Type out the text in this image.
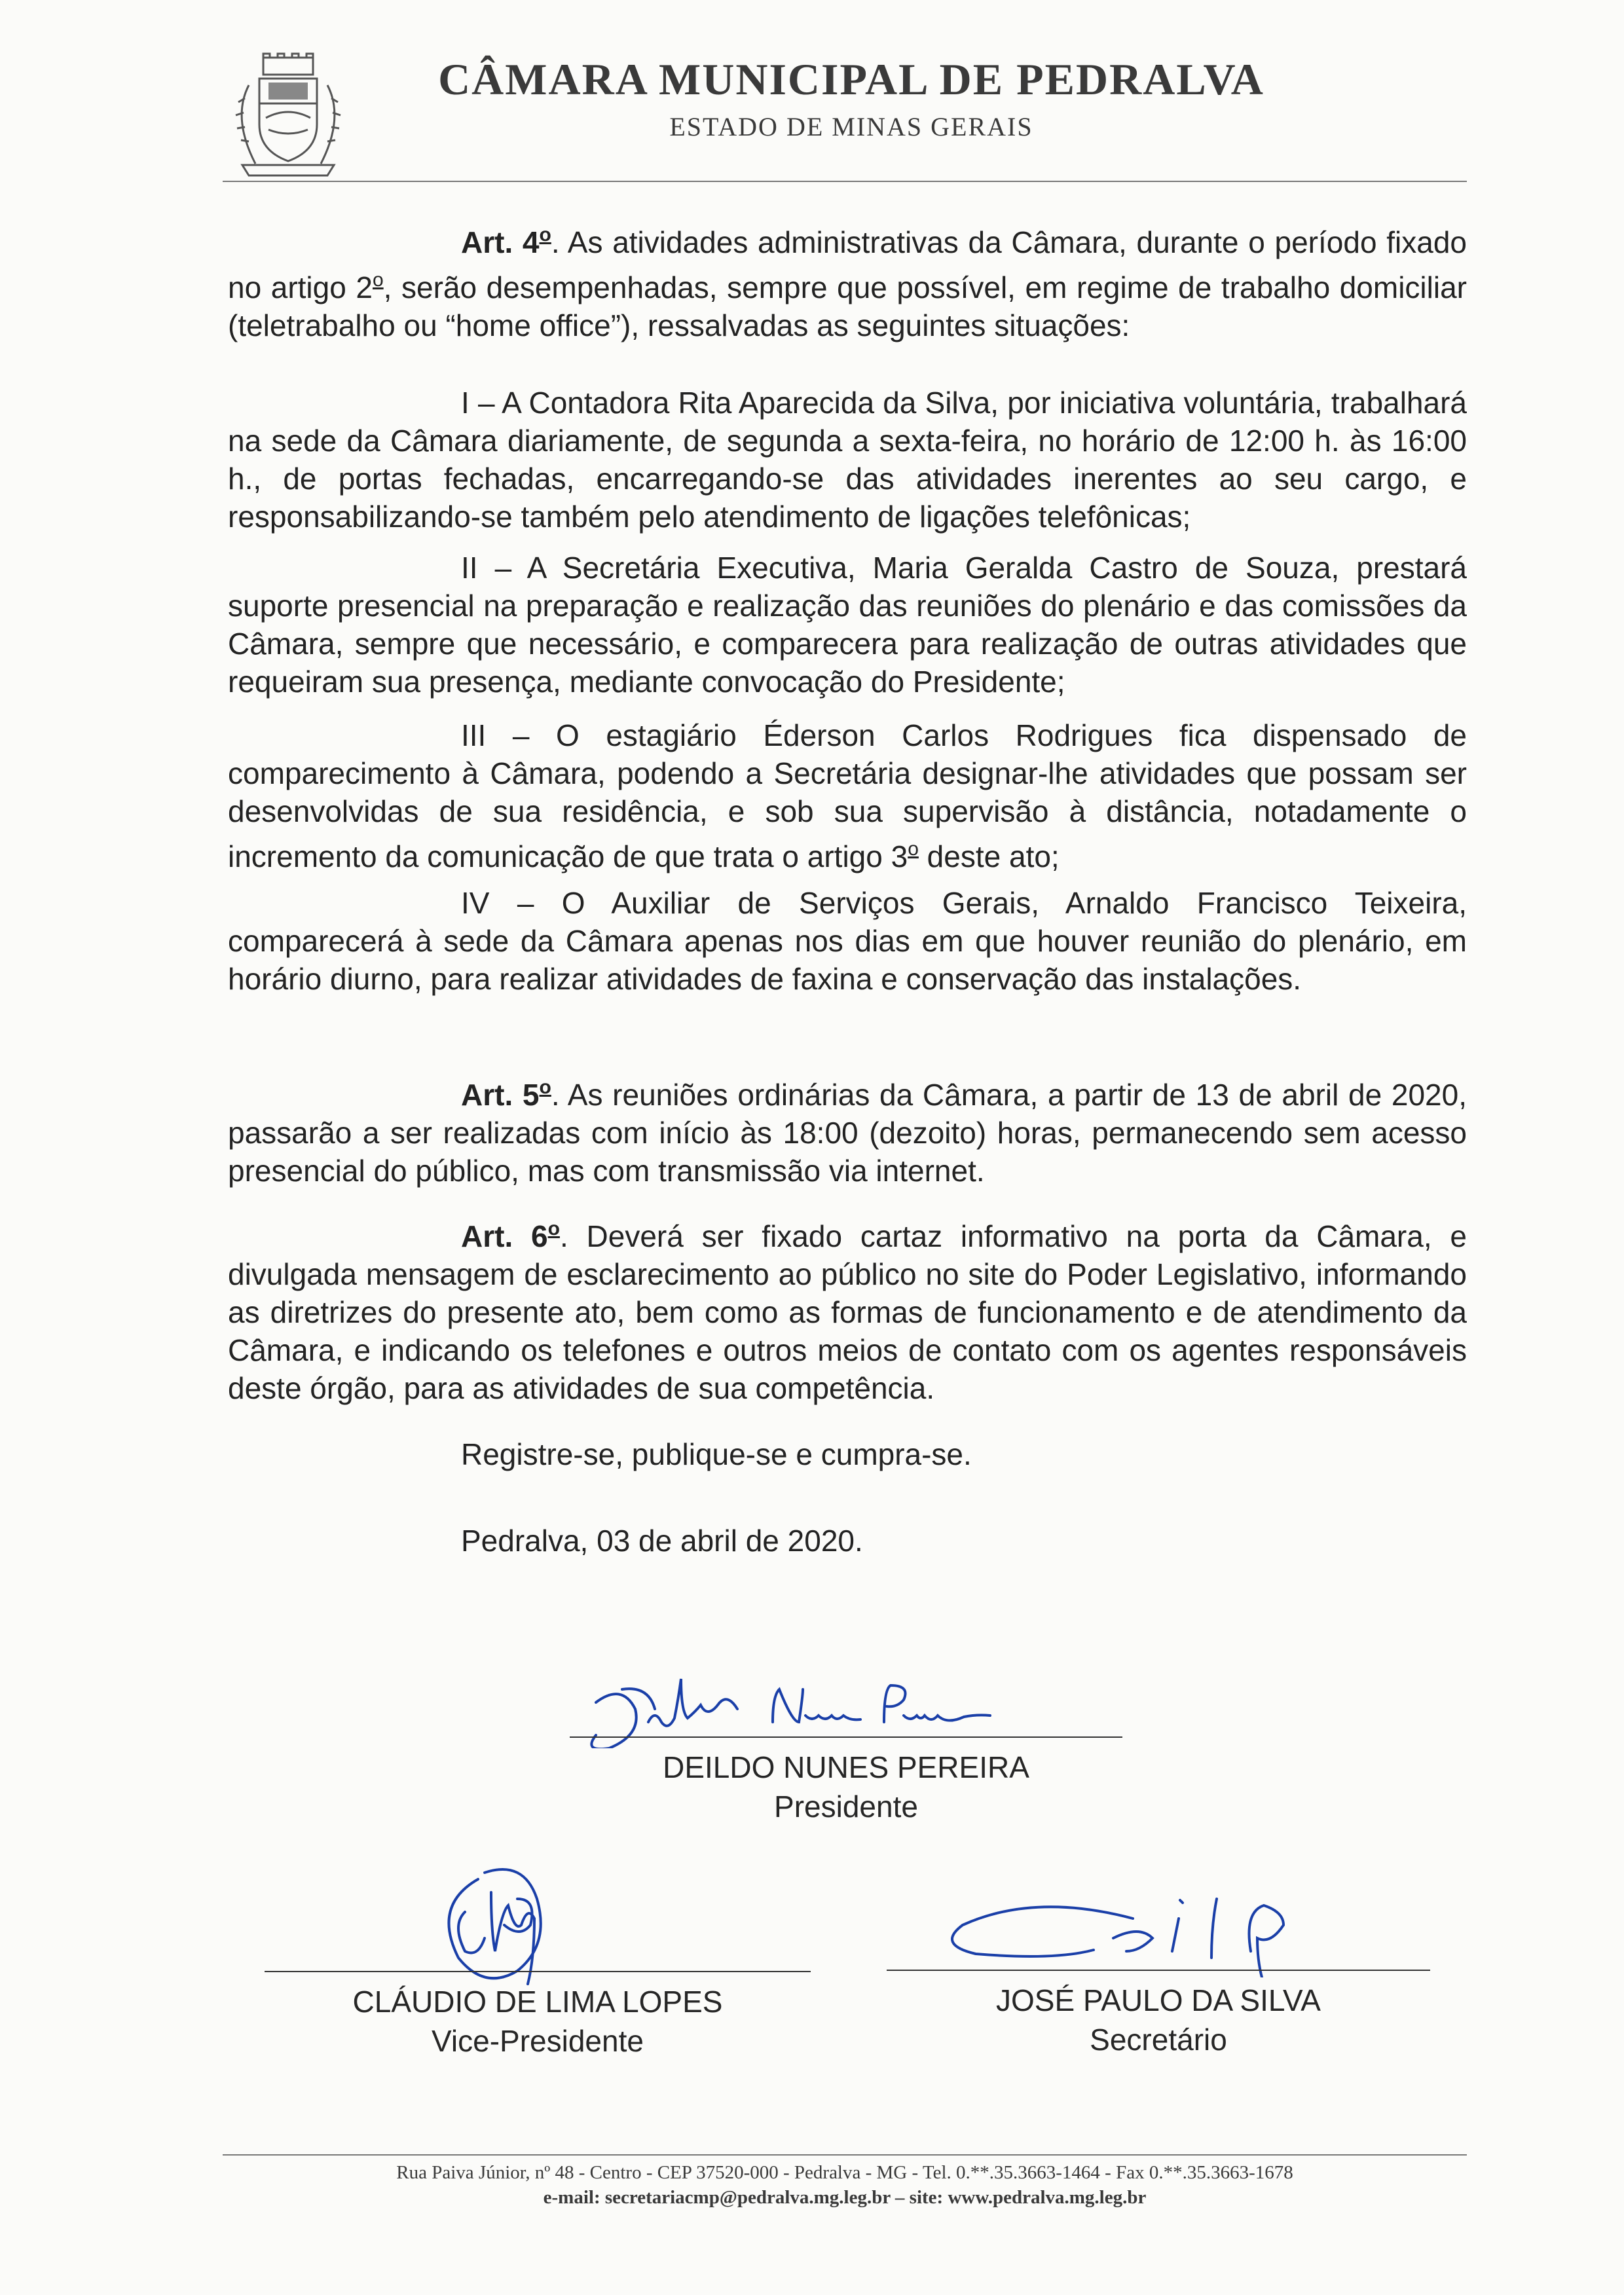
CÂMARA MUNICIPAL DE PEDRALVA
ESTADO DE MINAS GERAIS
Art. 4$^o$. As atividades administrativas da Câmara, durante o período fixado no artigo 2$^o$, serão desempenhadas, sempre que possível, em regime de trabalho domiciliar (teletrabalho ou “home office”), ressalvadas as seguintes situações:
I – A Contadora Rita Aparecida da Silva, por iniciativa voluntária, trabalhará na sede da Câmara diariamente, de segunda a sexta-feira, no horário de 12:00 h. às 16:00 h., de portas fechadas, encarregando-se das atividades inerentes ao seu cargo, e responsabilizando-se também pelo atendimento de ligações telefônicas;
II – A Secretária Executiva, Maria Geralda Castro de Souza, prestará suporte presencial na preparação e realização das reuniões do plenário e das comissões da Câmara, sempre que necessário, e comparecera para realização de outras atividades que requeiram sua presença, mediante convocação do Presidente;
III – O estagiário Éderson Carlos Rodrigues fica dispensado de comparecimento à Câmara, podendo a Secretária designar-lhe atividades que possam ser desenvolvidas de sua residência, e sob sua supervisão à distância, notadamente o incremento da comunicação de que trata o artigo 3$^o$ deste ato;
IV – O Auxiliar de Serviços Gerais, Arnaldo Francisco Teixeira, comparecerá à sede da Câmara apenas nos dias em que houver reunião do plenário, em horário diurno, para realizar atividades de faxina e conservação das instalações.
Art. 5$^o$. As reuniões ordinárias da Câmara, a partir de 13 de abril de 2020, passarão a ser realizadas com início às 18:00 (dezoito) horas, permanecendo sem acesso presencial do público, mas com transmissão via internet.
Art. 6$^o$. Deverá ser fixado cartaz informativo na porta da Câmara, e divulgada mensagem de esclarecimento ao público no site do Poder Legislativo, informando as diretrizes do presente ato, bem como as formas de funcionamento e de atendimento da Câmara, e indicando os telefones e outros meios de contato com os agentes responsáveis deste órgão, para as atividades de sua competência.
Registre-se, publique-se e cumpra-se.
Pedralva, 03 de abril de 2020.
DEILDO NUNES PEREIRA
Presidente
CLÁUDIO DE LIMA LOPES
Vice-Presidente
JOSÉ PAULO DA SILVA
Secretário
Rua Paiva Júnior, nº 48 - Centro - CEP 37520-000 - Pedralva - MG - Tel. 0.**.35.3663-1464 - Fax 0.**.35.3663-1678
e-mail: secretariacmp@pedralva.mg.leg.br – site: www.pedralva.mg.leg.br
